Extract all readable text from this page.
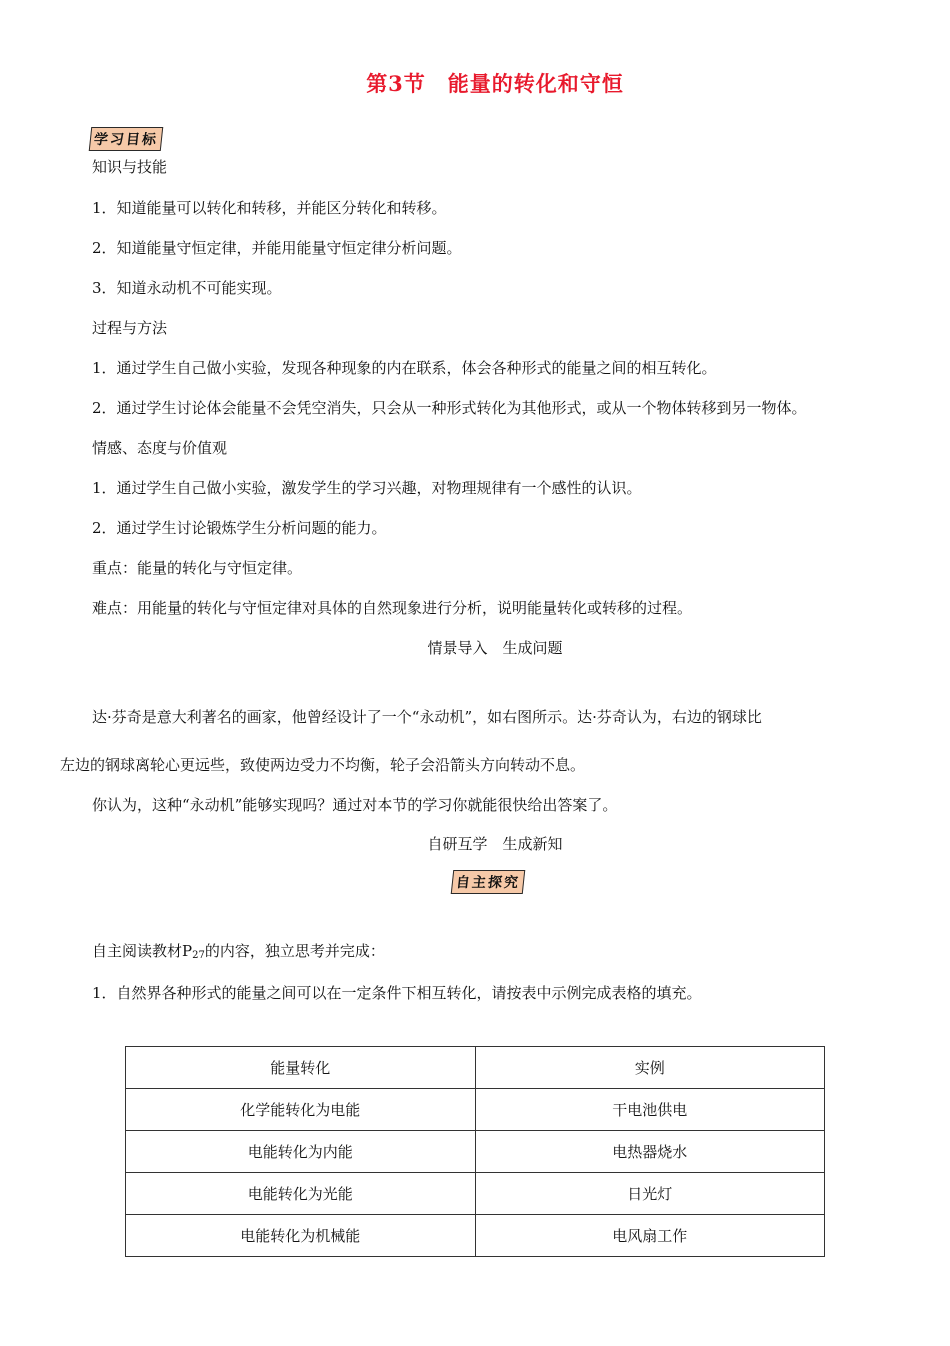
第3节　能量的转化和守恒
学习目标
知识与技能
1．知道能量可以转化和转移，并能区分转化和转移。
2．知道能量守恒定律，并能用能量守恒定律分析问题。
3．知道永动机不可能实现。
过程与方法
1．通过学生自己做小实验，发现各种现象的内在联系，体会各种形式的能量之间的相互转化。
2．通过学生讨论体会能量不会凭空消失，只会从一种形式转化为其他形式，或从一个物体转移到另一物体。
情感、态度与价值观
1．通过学生自己做小实验，激发学生的学习兴趣，对物理规律有一个感性的认识。
2．通过学生讨论锻炼学生分析问题的能力。
重点：能量的转化与守恒定律。
难点：用能量的转化与守恒定律对具体的自然现象进行分析，说明能量转化或转移的过程。
情景导入　生成问题
达·芬奇是意大利著名的画家，他曾经设计了一个“永动机”，如右图所示。达·芬奇认为，右边的钢球比
左边的钢球离轮心更远些，致使两边受力不均衡，轮子会沿箭头方向转动不息。
你认为，这种“永动机”能够实现吗？通过对本节的学习你就能很快给出答案了。
自研互学　生成新知
自主探究
自主阅读教材$P_{27}$的内容，独立思考并完成：
1．自然界各种形式的能量之间可以在一定条件下相互转化，请按表中示例完成表格的填充。
能量转化	实例
化学能转化为电能	干电池供电
电能转化为内能	电热器烧水
电能转化为光能	日光灯
电能转化为机械能	电风扇工作
